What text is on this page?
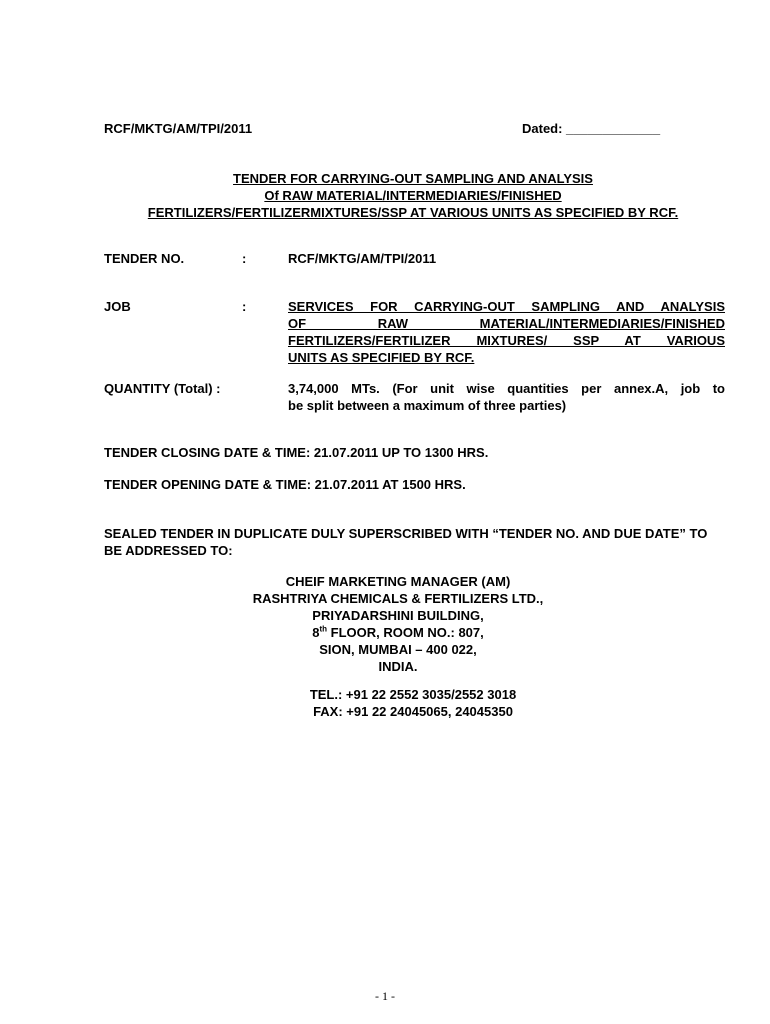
RCF/MKTG/AM/TPI/2011	Dated: _____________
TENDER FOR CARRYING-OUT SAMPLING AND ANALYSIS
Of RAW MATERIAL/INTERMEDIARIES/FINISHED
FERTILIZERS/FERTILIZERMIXTURES/SSP AT VARIOUS UNITS AS SPECIFIED BY RCF.
TENDER NO.	:	RCF/MKTG/AM/TPI/2011
JOB	:	SERVICES FOR CARRYING-OUT SAMPLING AND ANALYSIS
OF RAW MATERIAL/INTERMEDIARIES/FINISHED
FERTILIZERS/FERTILIZER MIXTURES/ SSP AT VARIOUS
UNITS AS SPECIFIED BY RCF.
QUANTITY (Total) :	3,74,000 MTs. (For unit wise quantities per annex.A, job to
be split between a maximum of three parties)
TENDER CLOSING DATE & TIME: 21.07.2011 UP TO 1300 HRS.
TENDER OPENING DATE & TIME: 21.07.2011 AT 1500 HRS.
SEALED TENDER IN DUPLICATE DULY SUPERSCRIBED WITH “TENDER NO. AND DUE DATE” TO BE ADDRESSED TO:
CHEIF MARKETING MANAGER (AM)
RASHTRIYA CHEMICALS & FERTILIZERS LTD.,
PRIYADARSHINI BUILDING,
8th FLOOR, ROOM NO.: 807,
SION, MUMBAI – 400 022,
INDIA.
TEL.: +91 22 2552 3035/2552 3018
FAX: +91 22 24045065, 24045350
- 1 -
